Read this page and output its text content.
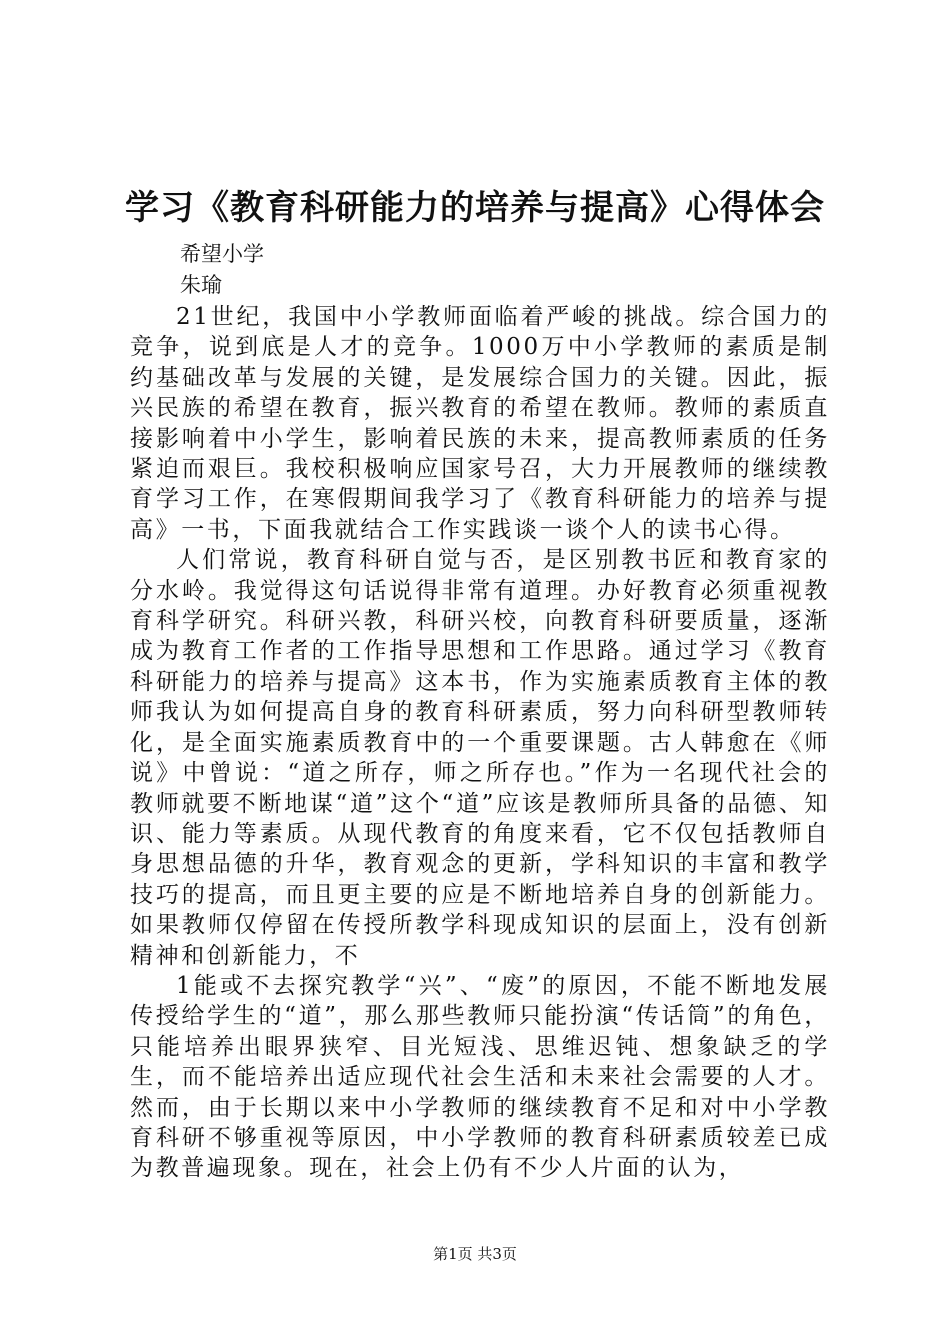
学习《教育科研能力的培养与提高》心得体会
希望小学
朱瑜

21世纪，我国中小学教师面临着严峻的挑战。综合国力的竞争，说到底是人才的竞争。1000万中小学教师的素质是制约基础改革与发展的关键，是发展综合国力的关键。因此，振兴民族的希望在教育，振兴教育的希望在教师。教师的素质直接影响着中小学生，影响着民族的未来，提高教师素质的任务紧迫而艰巨。我校积极响应国家号召，大力开展教师的继续教育学习工作，在寒假期间我学习了《教育科研能力的培养与提高》一书，下面我就结合工作实践谈一谈个人的读书心得。

人们常说，教育科研自觉与否，是区别教书匠和教育家的分水岭。我觉得这句话说得非常有道理。办好教育必须重视教育科学研究。科研兴教，科研兴校，向教育科研要质量，逐渐成为教育工作者的工作指导思想和工作思路。通过学习《教育科研能力的培养与提高》这本书，作为实施素质教育主体的教师我认为如何提高自身的教育科研素质，努力向科研型教师转化，是全面实施素质教育中的一个重要课题。古人韩愈在《师说》中曾说：“道之所存，师之所存也。”作为一名现代社会的教师就要不断地谋“道”这个“道”应该是教师所具备的品德、知识、能力等素质。从现代教育的角度来看，它不仅包括教师自身思想品德的升华，教育观念的更新，学科知识的丰富和教学技巧的提高，而且更主要的应是不断地培养自身的创新能力。如果教师仅停留在传授所教学科现成知识的层面上，没有创新精神和创新能力，不

1能或不去探究教学“兴”、“废”的原因，不能不断地发展传授给学生的“道”，那么那些教师只能扮演“传话筒”的角色，只能培养出眼界狭窄、目光短浅、思维迟钝、想象缺乏的学生，而不能培养出适应现代社会生活和未来社会需要的人才。然而，由于长期以来中小学教师的继续教育不足和对中小学教育科研不够重视等原因，中小学教师的教育科研素质较差已成为教普遍现象。现在，社会上仍有不少人片面的认为，

第1页 共3页
